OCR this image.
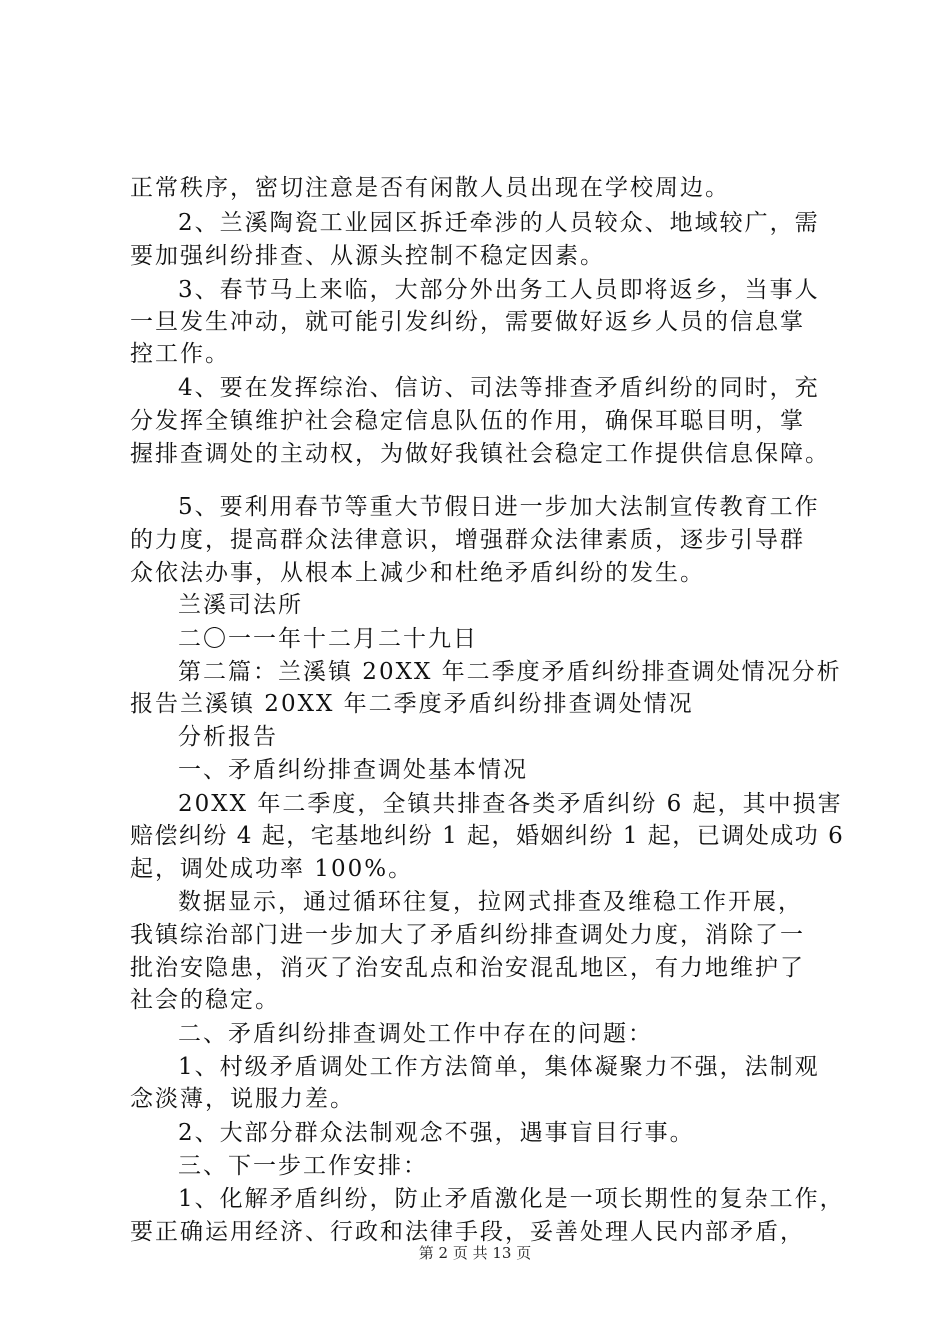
正常秩序，密切注意是否有闲散人员出现在学校周边。
2、兰溪陶瓷工业园区拆迁牵涉的人员较众、地域较广，需
要加强纠纷排查、从源头控制不稳定因素。
3、春节马上来临，大部分外出务工人员即将返乡，当事人
一旦发生冲动，就可能引发纠纷，需要做好返乡人员的信息掌
控工作。
4、要在发挥综治、信访、司法等排查矛盾纠纷的同时，充
分发挥全镇维护社会稳定信息队伍的作用，确保耳聪目明，掌
握排查调处的主动权，为做好我镇社会稳定工作提供信息保障。
5、要利用春节等重大节假日进一步加大法制宣传教育工作
的力度，提高群众法律意识，增强群众法律素质，逐步引导群
众依法办事，从根本上减少和杜绝矛盾纠纷的发生。
兰溪司法所
二〇一一年十二月二十九日
第二篇：兰溪镇 20XX 年二季度矛盾纠纷排查调处情况分析
报告兰溪镇 20XX 年二季度矛盾纠纷排查调处情况
分析报告
一、矛盾纠纷排查调处基本情况
20XX 年二季度，全镇共排查各类矛盾纠纷 6 起，其中损害
赔偿纠纷 4 起，宅基地纠纷 1 起，婚姻纠纷 1 起，已调处成功 6
起，调处成功率 100%。
数据显示，通过循环往复，拉网式排查及维稳工作开展，
我镇综治部门进一步加大了矛盾纠纷排查调处力度，消除了一
批治安隐患，消灭了治安乱点和治安混乱地区，有力地维护了
社会的稳定。
二、矛盾纠纷排查调处工作中存在的问题：
1、村级矛盾调处工作方法简单，集体凝聚力不强，法制观
念淡薄，说服力差。
2、大部分群众法制观念不强，遇事盲目行事。
三、下一步工作安排：
1、化解矛盾纠纷，防止矛盾激化是一项长期性的复杂工作，
要正确运用经济、行政和法律手段，妥善处理人民内部矛盾，
第 2 页 共 13 页
